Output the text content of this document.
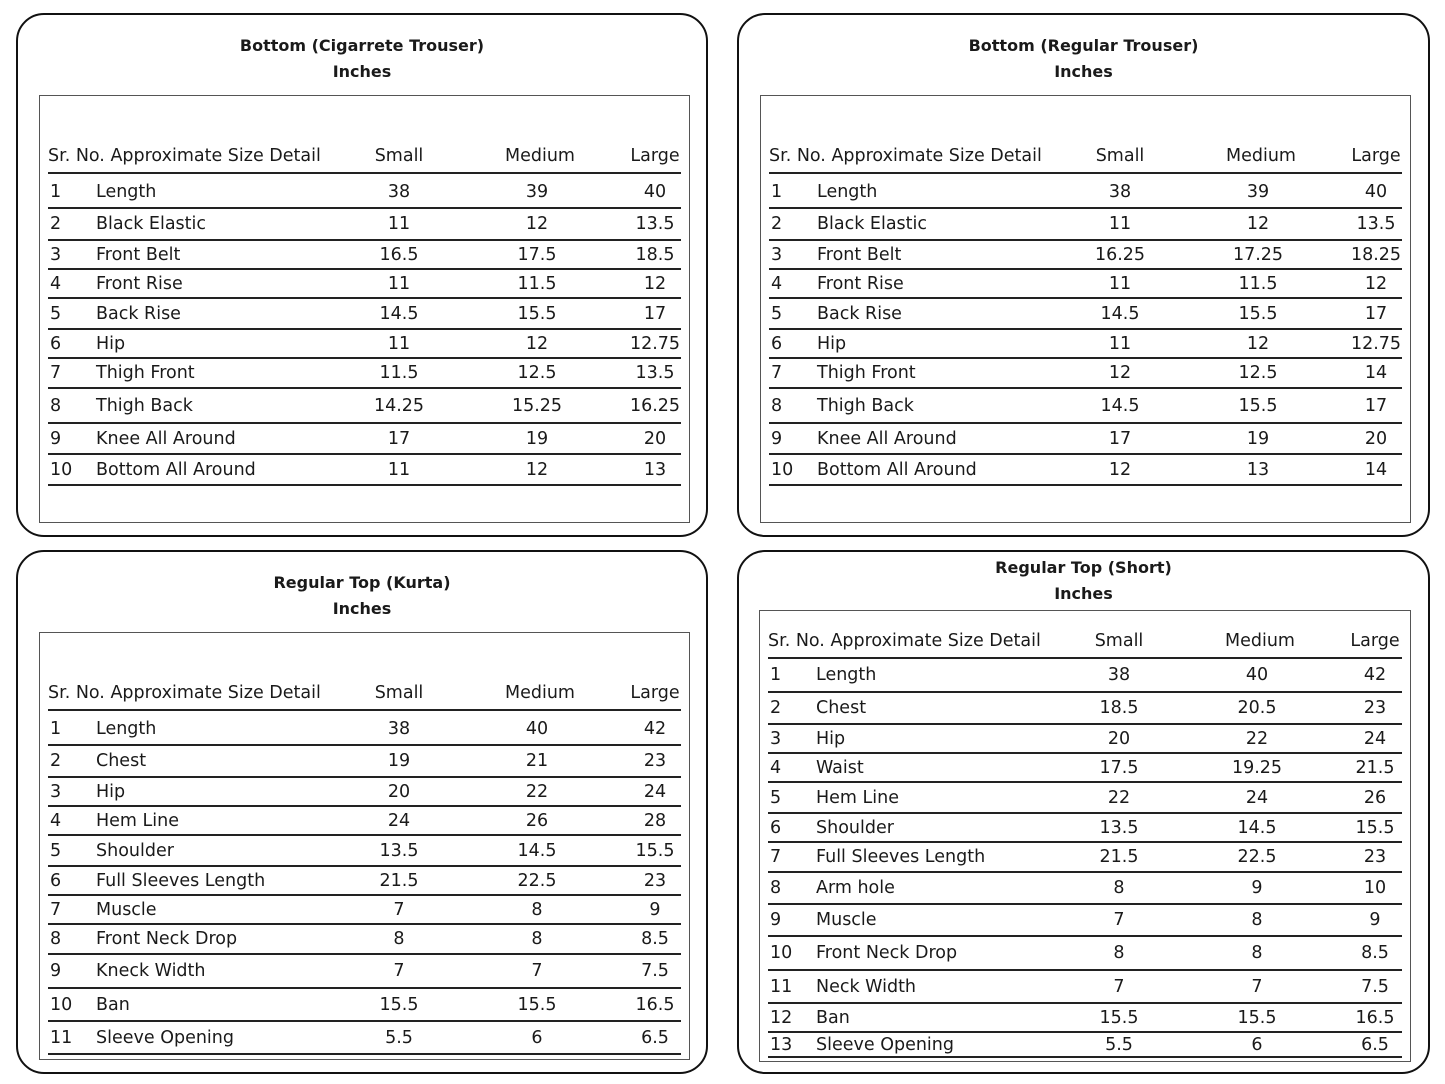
Bottom (Cigarrete Trouser)
Inches
Sr. No. Approximate Size Detail	Small	Medium	Large
1 Length	38	39	40
2 Black Elastic	11	12	13.5
3 Front Belt	16.5	17.5	18.5
4 Front Rise	11	11.5	12
5 Back Rise	14.5	15.5	17
6 Hip	11	12	12.75
7 Thigh Front	11.5	12.5	13.5
8 Thigh Back	14.25	15.25	16.25
9 Knee All Around	17	19	20
10 Bottom All Around	11	12	13
Bottom (Regular Trouser)
Inches
Sr. No. Approximate Size Detail	Small	Medium	Large
1 Length	38	39	40
2 Black Elastic	11	12	13.5
3 Front Belt	16.25	17.25	18.25
4 Front Rise	11	11.5	12
5 Back Rise	14.5	15.5	17
6 Hip	11	12	12.75
7 Thigh Front	12	12.5	14
8 Thigh Back	14.5	15.5	17
9 Knee All Around	17	19	20
10 Bottom All Around	12	13	14
Regular Top (Kurta)
Inches
Sr. No. Approximate Size Detail	Small	Medium	Large
1 Length	38	40	42
2 Chest	19	21	23
3 Hip	20	22	24
4 Hem Line	24	26	28
5 Shoulder	13.5	14.5	15.5
6 Full Sleeves Length	21.5	22.5	23
7 Muscle	7	8	9
8 Front Neck Drop	8	8	8.5
9 Kneck Width	7	7	7.5
10 Ban	15.5	15.5	16.5
11 Sleeve Opening	5.5	6	6.5
Regular Top (Short)
Inches
Sr. No. Approximate Size Detail	Small	Medium	Large
1 Length	38	40	42
2 Chest	18.5	20.5	23
3 Hip	20	22	24
4 Waist	17.5	19.25	21.5
5 Hem Line	22	24	26
6 Shoulder	13.5	14.5	15.5
7 Full Sleeves Length	21.5	22.5	23
8 Arm hole	8	9	10
9 Muscle	7	8	9
10 Front Neck Drop	8	8	8.5
11 Neck Width	7	7	7.5
12 Ban	15.5	15.5	16.5
13 Sleeve Opening	5.5	6	6.5
